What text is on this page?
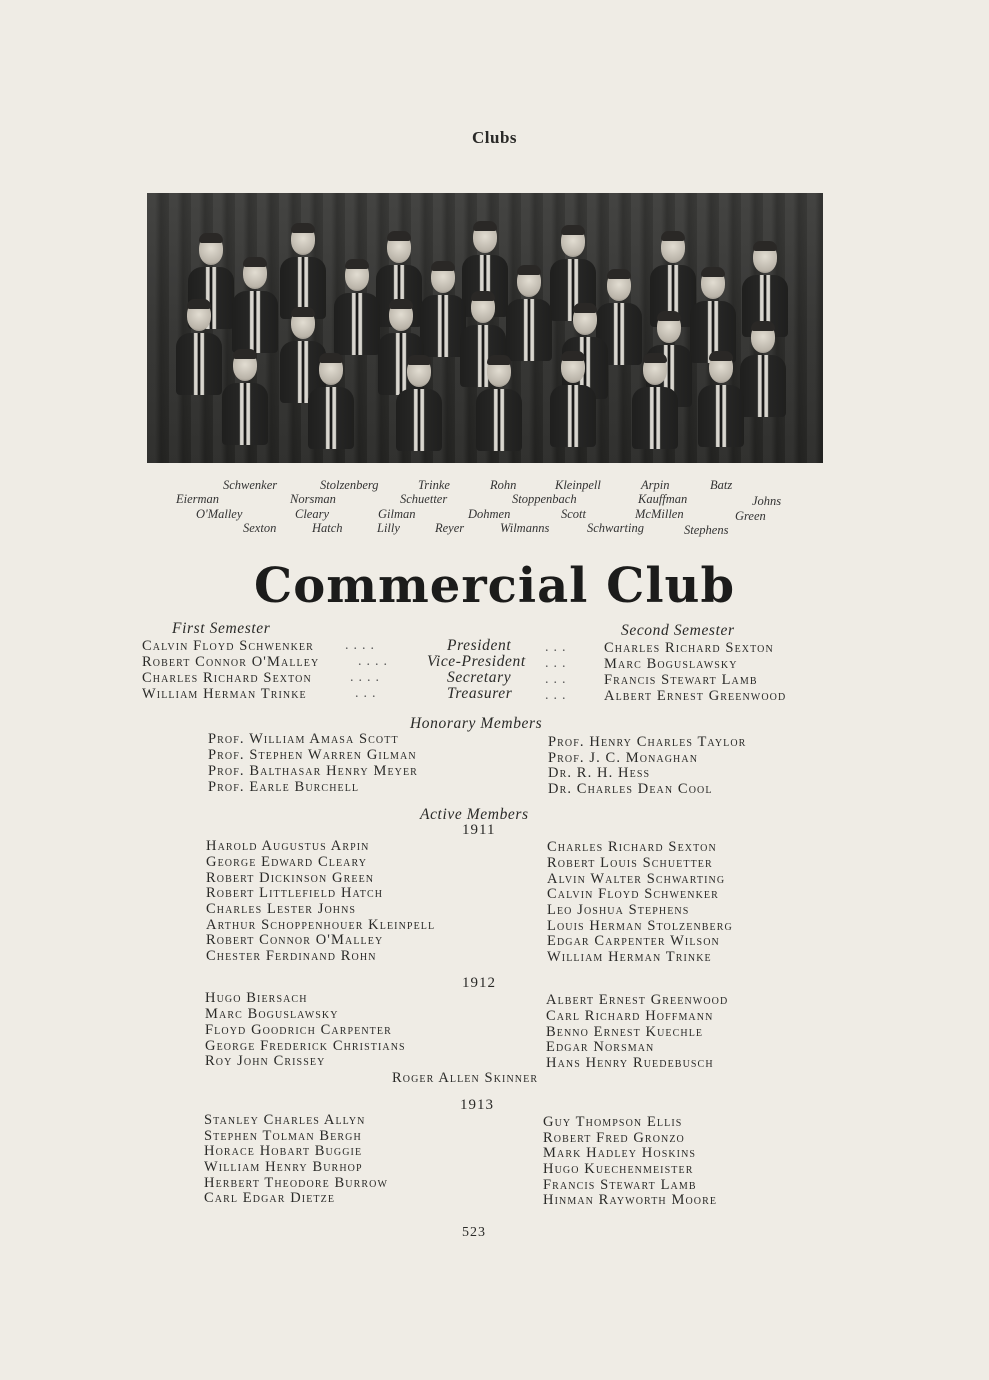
Clubs
Schwenker	Stolzenberg	Trinke	Rohn	Kleinpell	Arpin	Batz
Eierman	Norsman	Schuetter	Stoppenbach	Kauffman	Johns
O'Malley	Cleary	Gilman	Dohmen	Scott	McMillen	Green
Sexton	Hatch	Lilly	Reyer	Wilmanns	Schwarting	Stephens
Commercial Club
First Semester	Second Semester
Calvin Floyd Schwenker ....	President ... Charles Richard Sexton
Robert Connor O'Malley	.... Vice-President ... Marc Boguslawsky
Charles Richard Sexton	....	Secretary ... Francis Stewart Lamb
William Herman Trinke	...	Treasurer ... Albert Ernest Greenwood
Honorary Members
Prof. William Amasa Scott
Prof. Stephen Warren Gilman
Prof. Balthasar Henry Meyer
Prof. Earle Burchell
Prof. Henry Charles Taylor
Prof. J. C. Monaghan
Dr. R. H. Hess
Dr. Charles Dean Cool
Active Members
1911
Harold Augustus Arpin
George Edward Cleary
Robert Dickinson Green
Robert Littlefield Hatch
Charles Lester Johns
Arthur Schoppenhouer Kleinpell
Robert Connor O'Malley
Chester Ferdinand Rohn
Charles Richard Sexton
Robert Louis Schuetter
Alvin Walter Schwarting
Calvin Floyd Schwenker
Leo Joshua Stephens
Louis Herman Stolzenberg
Edgar Carpenter Wilson
William Herman Trinke
1912
Hugo Biersach
Marc Boguslawsky
Floyd Goodrich Carpenter
George Frederick Christians
Roy John Crissey
Albert Ernest Greenwood
Carl Richard Hoffmann
Benno Ernest Kuechle
Edgar Norsman
Hans Henry Ruedebusch
Roger Allen Skinner
1913
Stanley Charles Allyn
Stephen Tolman Bergh
Horace Hobart Buggie
William Henry Burhop
Herbert Theodore Burrow
Carl Edgar Dietze
Guy Thompson Ellis
Robert Fred Gronzo
Mark Hadley Hoskins
Hugo Kuechenmeister
Francis Stewart Lamb
Hinman Rayworth Moore
523
